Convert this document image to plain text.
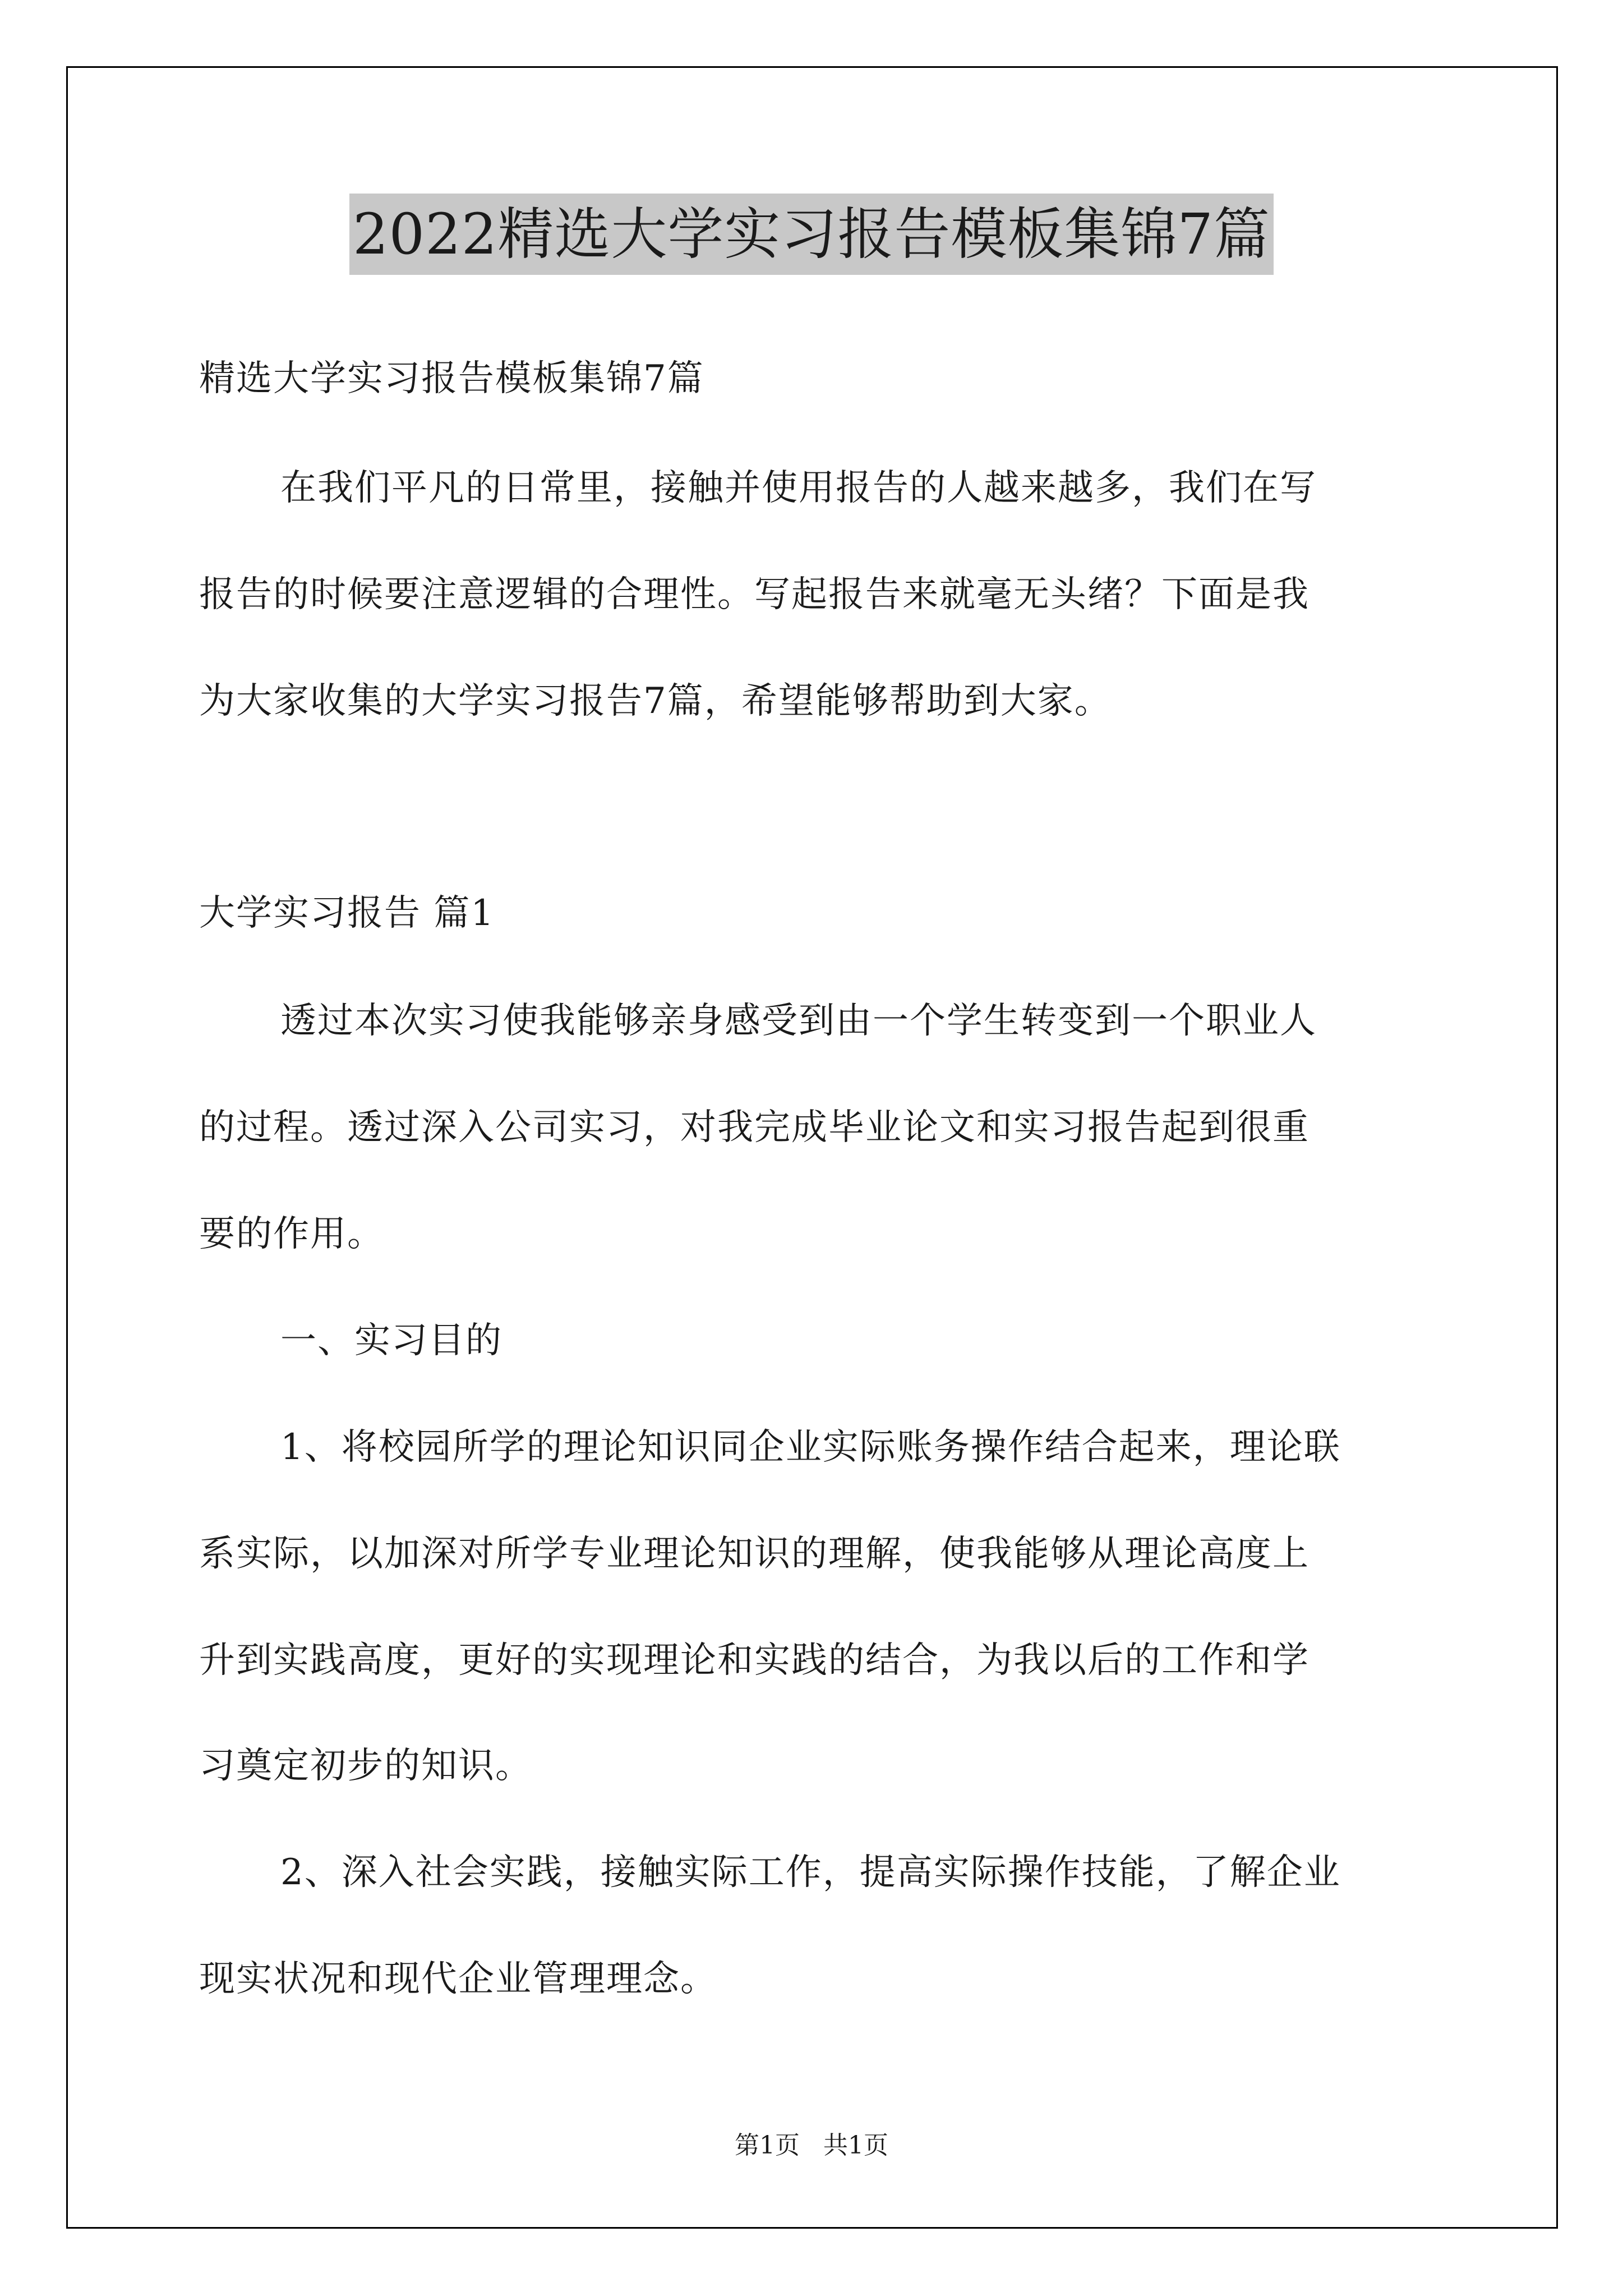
2022精选大学实习报告模板集锦7篇
精选大学实习报告模板集锦7篇
在我们平凡的日常里，接触并使用报告的人越来越多，我们在写
报告的时候要注意逻辑的合理性。写起报告来就毫无头绪？下面是我
为大家收集的大学实习报告7篇，希望能够帮助到大家。
大学实习报告 篇1
透过本次实习使我能够亲身感受到由一个学生转变到一个职业人
的过程。透过深入公司实习，对我完成毕业论文和实习报告起到很重
要的作用。
一、实习目的
1、将校园所学的理论知识同企业实际账务操作结合起来，理论联
系实际，以加深对所学专业理论知识的理解，使我能够从理论高度上
升到实践高度，更好的实现理论和实践的结合，为我以后的工作和学
习奠定初步的知识。
2、深入社会实践，接触实际工作，提高实际操作技能，了解企业
现实状况和现代企业管理理念。
第1页   共1页
